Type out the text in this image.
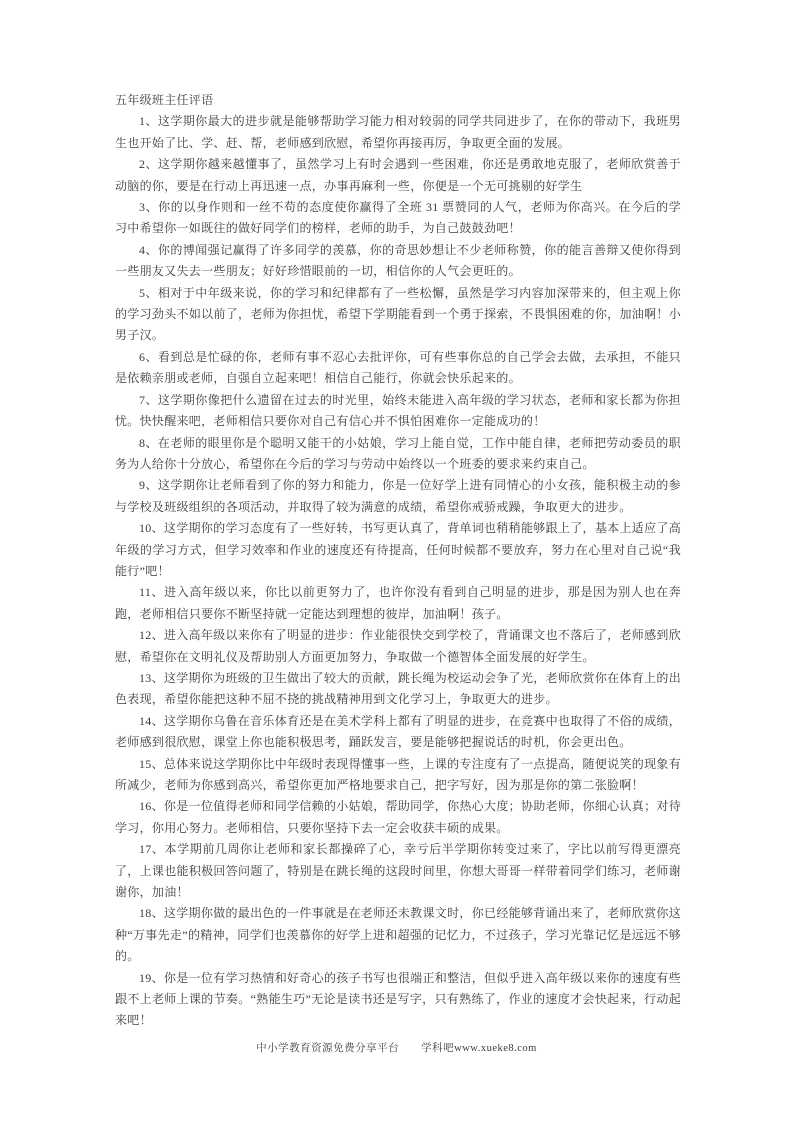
五年级班主任评语

1、这学期你最大的进步就是能够帮助学习能力相对较弱的同学共同进步了，在你的带动下，我班男生也开始了比、学、赶、帮，老师感到欣慰，希望你再接再厉，争取更全面的发展。

2、这学期你越来越懂事了，虽然学习上有时会遇到一些困难，你还是勇敢地克服了，老师欣赏善于动脑的你，要是在行动上再迅速一点，办事再麻利一些，你便是一个无可挑剔的好学生

3、你的以身作则和一丝不苟的态度使你赢得了全班 31 票赞同的人气，老师为你高兴。在今后的学习中希望你一如既往的做好同学们的榜样，老师的助手，为自己鼓鼓劲吧！

4、你的博闻强记赢得了许多同学的羡慕，你的奇思妙想让不少老师称赞，你的能言善辩又使你得到一些朋友又失去一些朋友；好好珍惜眼前的一切，相信你的人气会更旺的。

5、相对于中年级来说，你的学习和纪律都有了一些松懈，虽然是学习内容加深带来的，但主观上你的学习劲头不如以前了，老师为你担忧，希望下学期能看到一个勇于探索，不畏惧困难的你，加油啊！小男子汉。

6、看到总是忙碌的你，老师有事不忍心去批评你，可有些事你总的自己学会去做，去承担，不能只是依赖亲朋或老师，自强自立起来吧！相信自己能行，你就会快乐起来的。

7、这学期你像把什么遗留在过去的时光里，始终未能进入高年级的学习状态，老师和家长都为你担忧。快快醒来吧，老师相信只要你对自己有信心并不惧怕困难你一定能成功的！

8、在老师的眼里你是个聪明又能干的小姑娘，学习上能自觉，工作中能自律，老师把劳动委员的职务为人给你十分放心，希望你在今后的学习与劳动中始终以一个班委的要求来约束自己。

9、这学期你让老师看到了你的努力和能力，你是一位好学上进有同情心的小女孩，能积极主动的参与学校及班级组织的各项活动，并取得了较为满意的成绩，希望你戒骄戒躁，争取更大的进步。

10、这学期你的学习态度有了一些好转，书写更认真了，背单词也稍稍能够跟上了，基本上适应了高年级的学习方式，但学习效率和作业的速度还有待提高，任何时候都不要放弃，努力在心里对自己说“我能行”吧！

11、进入高年级以来，你比以前更努力了，也许你没有看到自己明显的进步，那是因为别人也在奔跑，老师相信只要你不断坚持就一定能达到理想的彼岸，加油啊！孩子。

12、进入高年级以来你有了明显的进步：作业能很快交到学校了，背诵课文也不落后了，老师感到欣慰，希望你在文明礼仪及帮助别人方面更加努力，争取做一个德智体全面发展的好学生。

13、这学期你为班级的卫生做出了较大的贡献，跳长绳为校运动会争了光，老师欣赏你在体育上的出色表现，希望你能把这种不屈不挠的挑战精神用到文化学习上，争取更大的进步。

14、这学期你乌鲁在音乐体育还是在美术学科上都有了明显的进步，在竞赛中也取得了不俗的成绩，老师感到很欣慰，课堂上你也能积极思考，踊跃发言，要是能够把握说话的时机，你会更出色。

15、总体来说这学期你比中年级时表现得懂事一些，上课的专注度有了一点提高，随便说笑的现象有所减少，老师为你感到高兴，希望你更加严格地要求自己，把字写好，因为那是你的第二张脸啊！

16、你是一位值得老师和同学信赖的小姑娘，帮助同学，你热心大度；协助老师，你细心认真；对待学习，你用心努力。老师相信，只要你坚持下去一定会收获丰硕的成果。

17、本学期前几周你让老师和家长都操碎了心，幸亏后半学期你转变过来了，字比以前写得更漂亮了，上课也能积极回答问题了，特别是在跳长绳的这段时间里，你想大哥哥一样带着同学们练习，老师谢谢你，加油！

18、这学期你做的最出色的一件事就是在老师还未教课文时，你已经能够背诵出来了，老师欣赏你这种“万事先走”的精神，同学们也羡慕你的好学上进和超强的记忆力，不过孩子，学习光靠记忆是远远不够的。

19、你是一位有学习热情和好奇心的孩子书写也很端正和整洁，但似乎进入高年级以来你的速度有些跟不上老师上课的节奏。“熟能生巧”无论是读书还是写字，只有熟练了，作业的速度才会快起来，行动起来吧！

中小学教育资源免费分享平台　　学科吧www.xueke8.com
